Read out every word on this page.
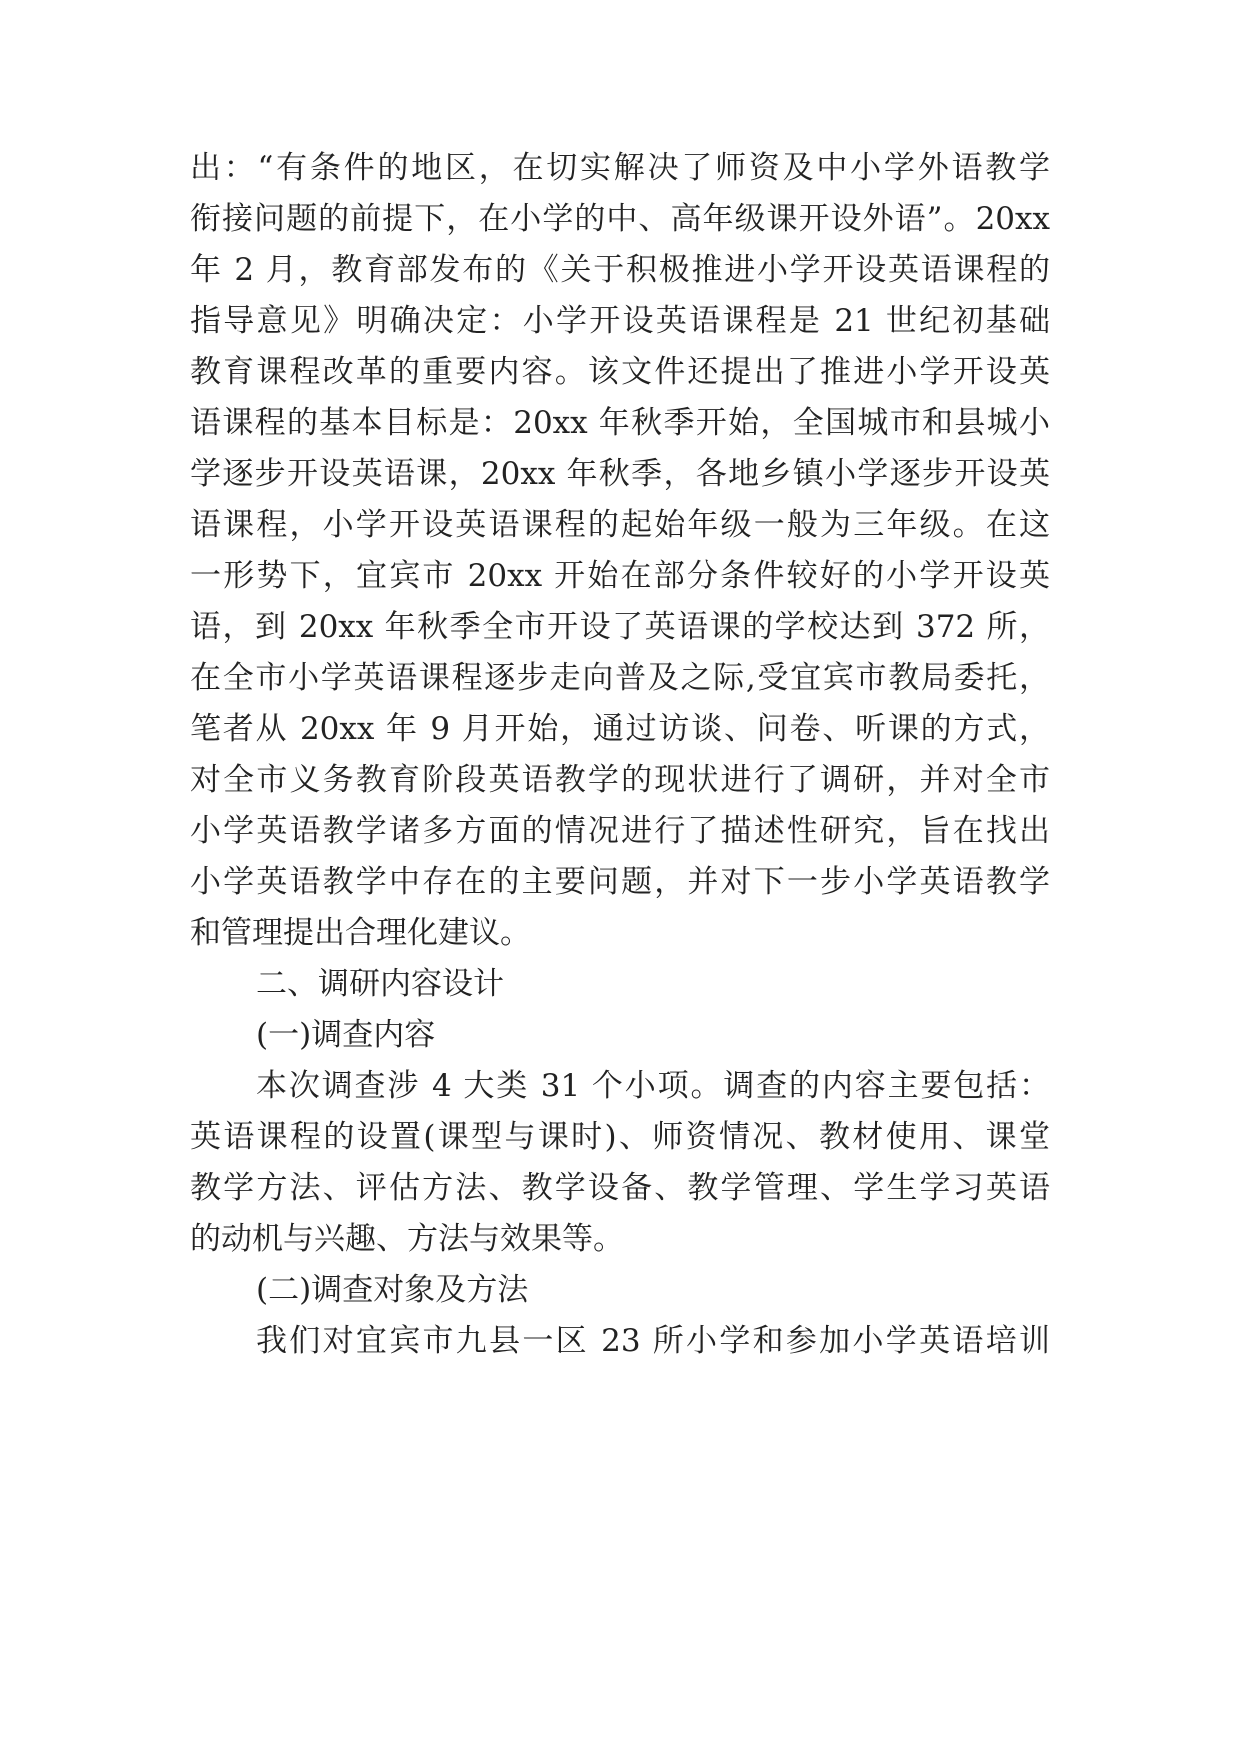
出：“有条件的地区，在切实解决了师资及中小学外语教学
衔接问题的前提下，在小学的中、高年级课开设外语”。20xx
年 2 月，教育部发布的《关于积极推进小学开设英语课程的
指导意见》明确决定：小学开设英语课程是 21 世纪初基础
教育课程改革的重要内容。该文件还提出了推进小学开设英
语课程的基本目标是：20xx 年秋季开始，全国城市和县城小
学逐步开设英语课，20xx 年秋季，各地乡镇小学逐步开设英
语课程，小学开设英语课程的起始年级一般为三年级。在这
一形势下，宜宾市 20xx 开始在部分条件较好的小学开设英
语，到 20xx 年秋季全市开设了英语课的学校达到 372 所，
在全市小学英语课程逐步走向普及之际,受宜宾市教局委托，
笔者从 20xx 年 9 月开始，通过访谈、问卷、听课的方式，
对全市义务教育阶段英语教学的现状进行了调研，并对全市
小学英语教学诸多方面的情况进行了描述性研究，旨在找出
小学英语教学中存在的主要问题，并对下一步小学英语教学
和管理提出合理化建议。
二、调研内容设计
(一)调查内容
本次调查涉 4 大类 31 个小项。调查的内容主要包括：
英语课程的设置(课型与课时)、师资情况、教材使用、课堂
教学方法、评估方法、教学设备、教学管理、学生学习英语
的动机与兴趣、方法与效果等。
(二)调查对象及方法
我们对宜宾市九县一区 23 所小学和参加小学英语培训
